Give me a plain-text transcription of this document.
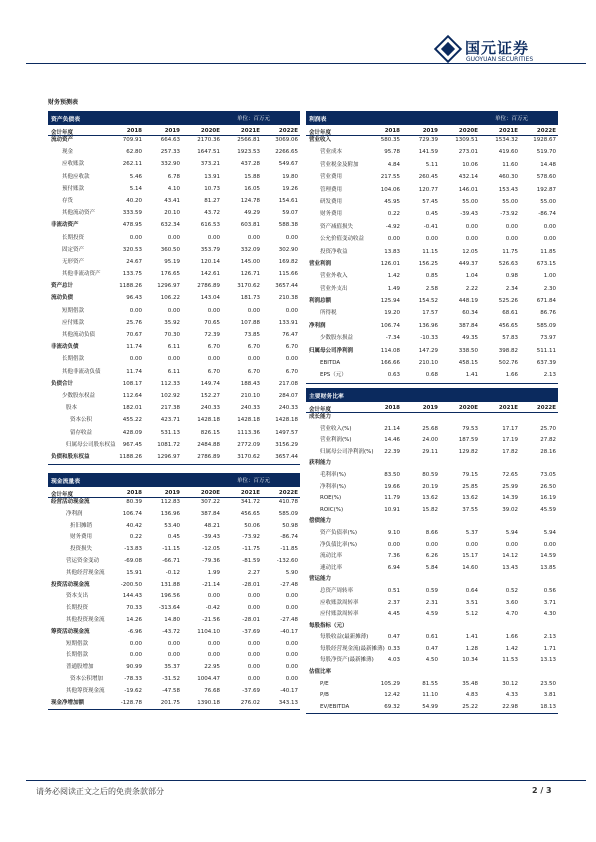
国元证券
GUOYUAN SECURITIES
财务预测表
资产负债表	单位：百万元
会计年度	2018	2019	2020E	2021E	2022E
流动资产	709.91	664.63	2170.36	2566.81	3069.06
现金	62.80	257.33	1647.51	1923.53	2266.65
应收账款	262.11	332.90	373.21	437.28	549.67
其他应收款	5.46	6.78	13.91	15.88	19.80
预付账款	5.14	4.10	10.73	16.05	19.26
存货	40.20	43.41	81.27	124.78	154.61
其他流动资产	333.59	20.10	43.72	49.29	59.07
非流动资产	478.95	632.34	616.53	603.81	588.38
长期投资	0.00	0.00	0.00	0.00	0.00
固定资产	320.53	360.50	353.79	332.09	302.90
无形资产	24.67	95.19	120.14	145.00	169.82
其他非流动资产	133.75	176.65	142.61	126.71	115.66
资产总计	1188.26	1296.97	2786.89	3170.62	3657.44
流动负债	96.43	106.22	143.04	181.73	210.38
短期借款	0.00	0.00	0.00	0.00	0.00
应付账款	25.76	35.92	70.65	107.88	133.91
其他流动负债	70.67	70.30	72.39	73.85	76.47
非流动负债	11.74	6.11	6.70	6.70	6.70
长期借款	0.00	0.00	0.00	0.00	0.00
其他非流动负债	11.74	6.11	6.70	6.70	6.70
负债合计	108.17	112.33	149.74	188.43	217.08
少数股东权益	112.64	102.92	152.27	210.10	284.07
股本	182.01	217.38	240.33	240.33	240.33
资本公积	455.22	423.71	1428.18	1428.18	1428.18
留存收益	428.09	531.13	826.15	1113.36	1497.57
归属母公司股东权益	967.45	1081.72	2484.88	2772.09	3156.29
负债和股东权益	1188.26	1296.97	2786.89	3170.62	3657.44
利润表	单位：百万元
会计年度	2018	2019	2020E	2021E	2022E
营业收入	580.35	729.39	1309.51	1534.32	1928.67
营业成本	95.78	141.59	273.01	419.60	519.70
营业税金及附加	4.84	5.11	10.06	11.60	14.48
营业费用	217.55	260.45	432.14	460.30	578.60
管理费用	104.06	120.77	146.01	153.43	192.87
研发费用	45.95	57.45	55.00	55.00	55.00
财务费用	0.22	0.45	-39.43	-73.92	-86.74
资产减值损失	-4.92	-0.41	0.00	0.00	0.00
公允价值变动收益	0.00	0.00	0.00	0.00	0.00
投资净收益	13.83	11.15	12.05	11.75	11.85
营业利润	126.01	156.25	449.37	526.63	673.15
营业外收入	1.42	0.85	1.04	0.98	1.00
营业外支出	1.49	2.58	2.22	2.34	2.30
利润总额	125.94	154.52	448.19	525.26	671.84
所得税	19.20	17.57	60.34	68.61	86.76
净利润	106.74	136.96	387.84	456.65	585.09
少数股东损益	-7.34	-10.33	49.35	57.83	73.97
归属母公司净利润	114.08	147.29	338.50	398.82	511.11
EBITDA	166.66	210.10	458.15	502.76	637.39
EPS（元）	0.63	0.68	1.41	1.66	2.13
现金流量表	单位：百万元
会计年度	2018	2019	2020E	2021E	2022E
经营活动现金流	80.39	112.83	307.22	341.72	410.78
净利润	106.74	136.96	387.84	456.65	585.09
折旧摊销	40.42	53.40	48.21	50.06	50.98
财务费用	0.22	0.45	-39.43	-73.92	-86.74
投资损失	-13.83	-11.15	-12.05	-11.75	-11.85
营运资金变动	-69.08	-66.71	-79.36	-81.59	-132.60
其他经营现金流	15.91	-0.12	1.99	2.27	5.90
投资活动现金流	-200.50	131.88	-21.14	-28.01	-27.48
资本支出	144.43	196.56	0.00	0.00	0.00
长期投资	70.33	-313.64	-0.42	0.00	0.00
其他投资现金流	14.26	14.80	-21.56	-28.01	-27.48
筹资活动现金流	-6.96	-43.72	1104.10	-37.69	-40.17
短期借款	0.00	0.00	0.00	0.00	0.00
长期借款	0.00	0.00	0.00	0.00	0.00
普通股增加	90.99	35.37	22.95	0.00	0.00
资本公积增加	-78.33	-31.52	1004.47	0.00	0.00
其他筹资现金流	-19.62	-47.58	76.68	-37.69	-40.17
现金净增加额	-128.78	201.75	1390.18	276.02	343.13
主要财务比率
会计年度	2018	2019	2020E	2021E	2022E
成长能力
营业收入(%)	21.14	25.68	79.53	17.17	25.70
营业利润(%)	14.46	24.00	187.59	17.19	27.82
归属母公司净利润(%)	22.39	29.11	129.82	17.82	28.16
获利能力
毛利率(%)	83.50	80.59	79.15	72.65	73.05
净利率(%)	19.66	20.19	25.85	25.99	26.50
ROE(%)	11.79	13.62	13.62	14.39	16.19
ROIC(%)	10.91	15.82	37.55	39.02	45.59
偿债能力
资产负债率(%)	9.10	8.66	5.37	5.94	5.94
净负债比率(%)	0.00	0.00	0.00	0.00	0.00
流动比率	7.36	6.26	15.17	14.12	14.59
速动比率	6.94	5.84	14.60	13.43	13.85
营运能力
总资产周转率	0.51	0.59	0.64	0.52	0.56
应收账款周转率	2.37	2.31	3.51	3.60	3.71
应付账款周转率	4.45	4.59	5.12	4.70	4.30
每股指标（元）
每股收益(最新摊薄)	0.47	0.61	1.41	1.66	2.13
每股经营现金流(最新摊薄) 0.33	0.47	1.28	1.42	1.71
每股净资产(最新摊薄)	4.03	4.50	10.34	11.53	13.13
估值比率
P/E	105.29	81.55	35.48	30.12	23.50
P/B	12.42	11.10	4.83	4.33	3.81
EV/EBITDA	69.32	54.99	25.22	22.98	18.13
请务必阅读正文之后的免责条款部分	2 / 3
